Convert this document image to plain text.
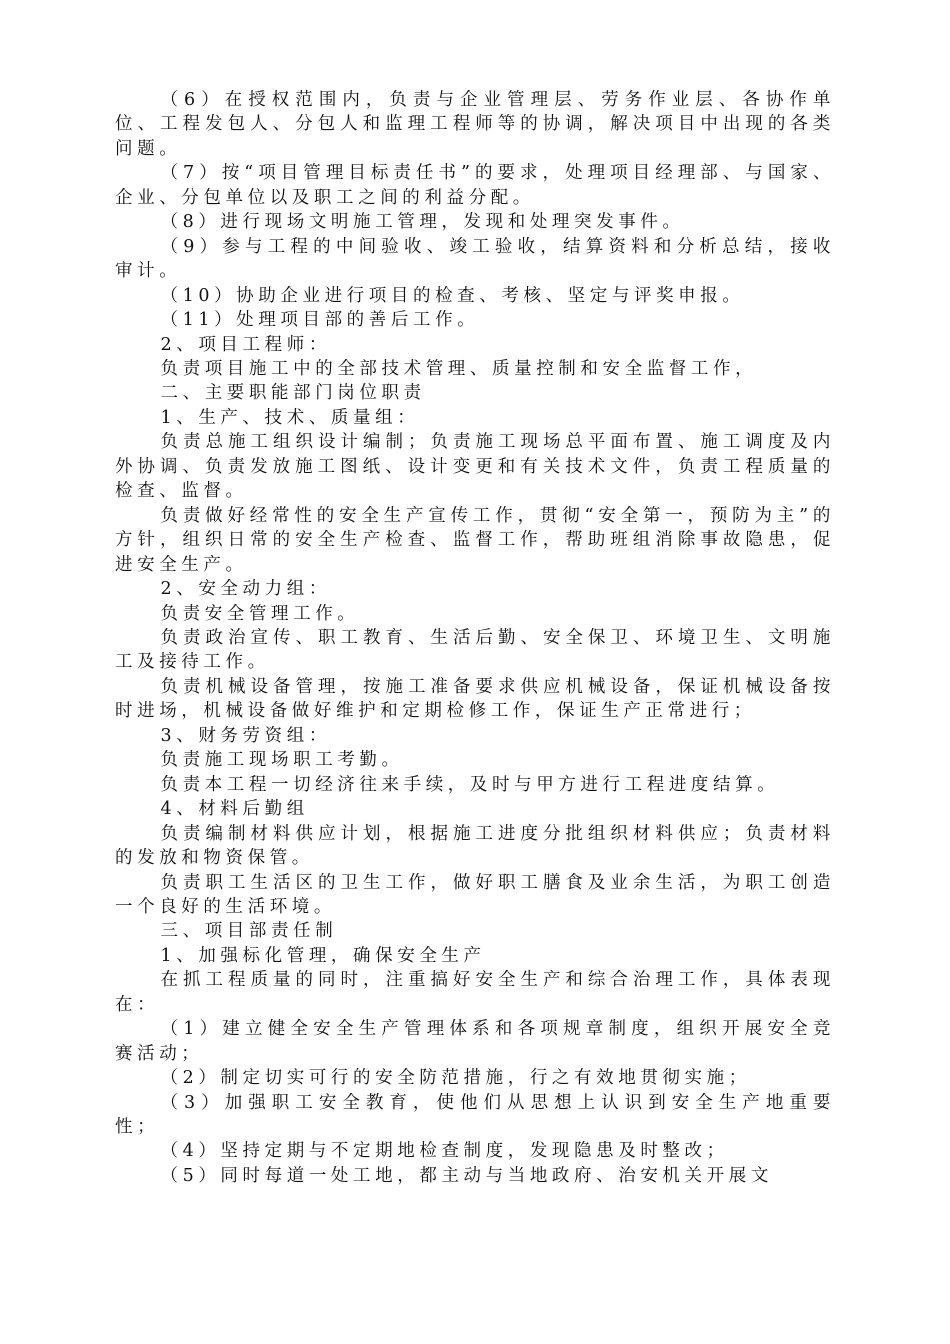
（6）在授权范围内，负责与企业管理层、劳务作业层、各协作单位、工程发包人、分包人和监理工程师等的协调，解决项目中出现的各类问题。

（7）按“项目管理目标责任书”的要求，处理项目经理部、与国家、企业、分包单位以及职工之间的利益分配。

（8）进行现场文明施工管理，发现和处理突发事件。

（9）参与工程的中间验收、竣工验收，结算资料和分析总结，接收审计。

（10）协助企业进行项目的检查、考核、坚定与评奖申报。

（11）处理项目部的善后工作。

2、项目工程师：

负责项目施工中的全部技术管理、质量控制和安全监督工作，

二、主要职能部门岗位职责

1、生产、技术、质量组：

负责总施工组织设计编制；负责施工现场总平面布置、施工调度及内外协调、负责发放施工图纸、设计变更和有关技术文件，负责工程质量的检查、监督。

负责做好经常性的安全生产宣传工作，贯彻“安全第一，预防为主”的方针，组织日常的安全生产检查、监督工作，帮助班组消除事故隐患，促进安全生产。

2、安全动力组：

负责安全管理工作。

负责政治宣传、职工教育、生活后勤、安全保卫、环境卫生、文明施工及接待工作。

负责机械设备管理，按施工准备要求供应机械设备，保证机械设备按时进场，机械设备做好维护和定期检修工作，保证生产正常进行；

3、财务劳资组：

负责施工现场职工考勤。

负责本工程一切经济往来手续，及时与甲方进行工程进度结算。

4、材料后勤组

负责编制材料供应计划，根据施工进度分批组织材料供应；负责材料的发放和物资保管。

负责职工生活区的卫生工作，做好职工膳食及业余生活，为职工创造一个良好的生活环境。

三、项目部责任制

1、加强标化管理，确保安全生产

在抓工程质量的同时，注重搞好安全生产和综合治理工作，具体表现在：

（1）建立健全安全生产管理体系和各项规章制度，组织开展安全竞赛活动；

（2）制定切实可行的安全防范措施，行之有效地贯彻实施；

（3）加强职工安全教育，使他们从思想上认识到安全生产地重要性；

（4）坚持定期与不定期地检查制度，发现隐患及时整改；

（5）同时每道一处工地，都主动与当地政府、治安机关开展文
